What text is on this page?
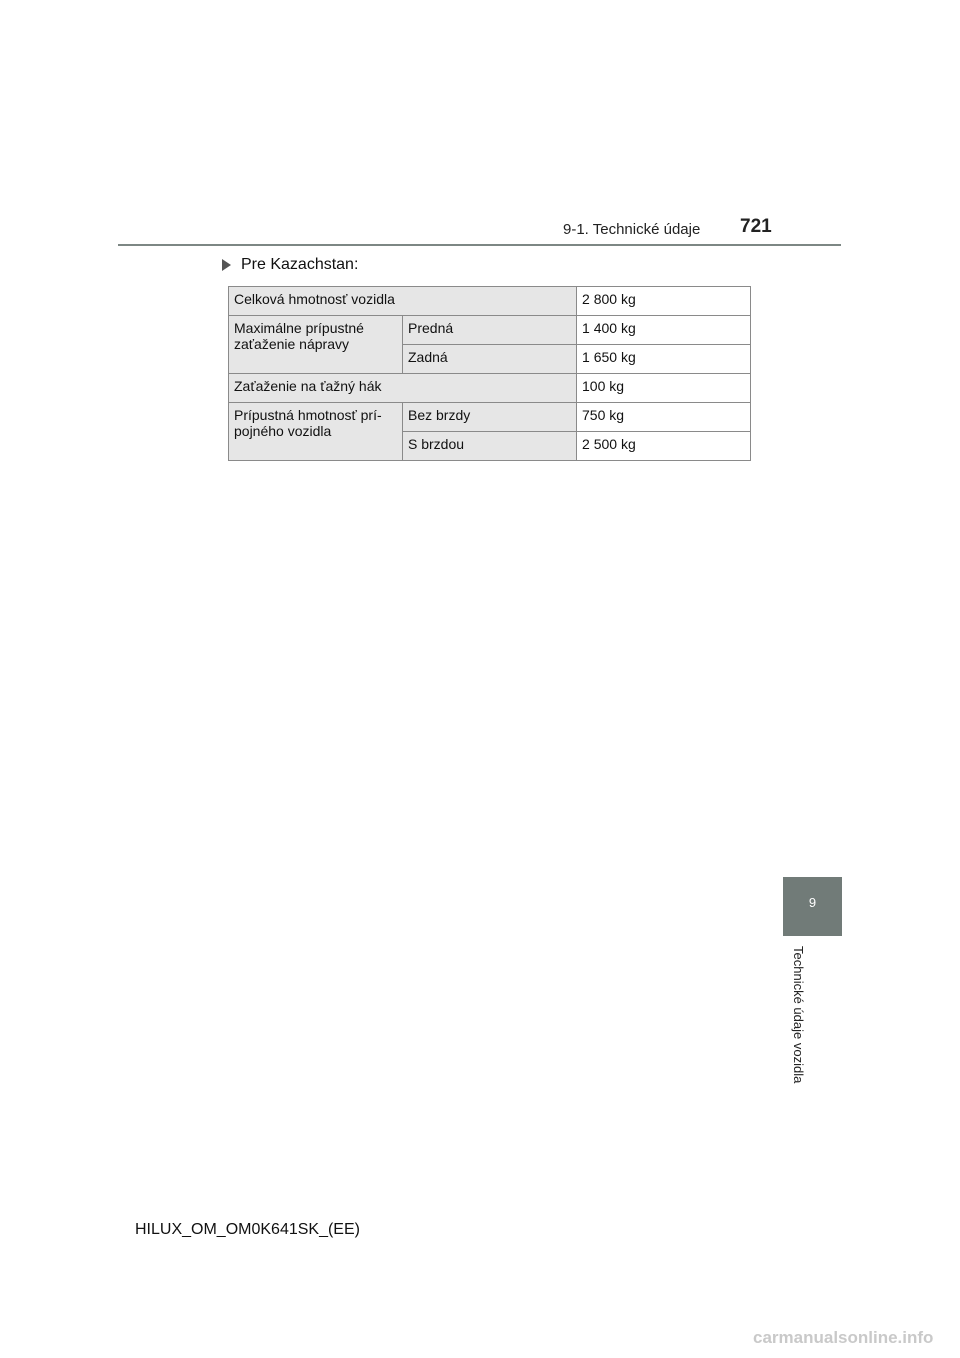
9-1. Technické údaje 721
Pre Kazachstan:
Celková hmotnosť vozidla		2 800 kg
Maximálne prípustné zaťaženie nápravy	Predná	1 400 kg
	Zadná	1 650 kg
Zaťaženie na ťažný hák		100 kg
Prípustná hmotnosť prí-pojného vozidla	Bez brzdy	750 kg
	S brzdou	2 500 kg
9
Technické údaje vozidla
HILUX_OM_OM0K641SK_(EE)
carmanualsonline.info
